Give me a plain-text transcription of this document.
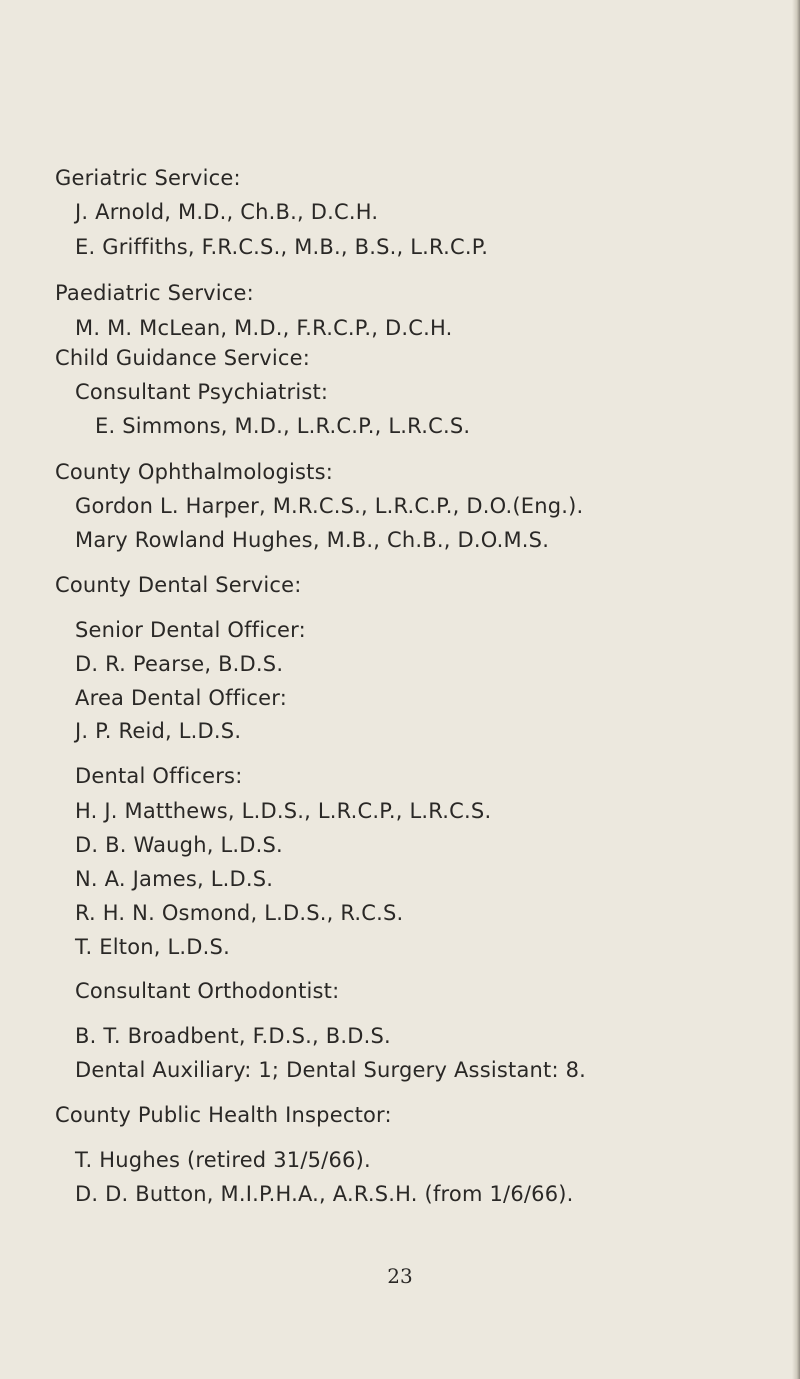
Geriatric Service:
J. Arnold, M.D., Ch.B., D.C.H.
E. Griffiths, F.R.C.S., M.B., B.S., L.R.C.P.
Paediatric Service:
M. M. McLean, M.D., F.R.C.P., D.C.H.
Child Guidance Service:
Consultant Psychiatrist:
E. Simmons, M.D., L.R.C.P., L.R.C.S.
County Ophthalmologists:
Gordon L. Harper, M.R.C.S., L.R.C.P., D.O.(Eng.).
Mary Rowland Hughes, M.B., Ch.B., D.O.M.S.
County Dental Service:
Senior Dental Officer:
D. R. Pearse, B.D.S.
Area Dental Officer:
J. P. Reid, L.D.S.
Dental Officers:
H. J. Matthews, L.D.S., L.R.C.P., L.R.C.S.
D. B. Waugh, L.D.S.
N. A. James, L.D.S.
R. H. N. Osmond, L.D.S., R.C.S.
T. Elton, L.D.S.
Consultant Orthodontist:
B. T. Broadbent, F.D.S., B.D.S.
Dental Auxiliary: 1; Dental Surgery Assistant: 8.
County Public Health Inspector:
T. Hughes (retired 31/5/66).
D. D. Button, M.I.P.H.A., A.R.S.H. (from 1/6/66).
23
